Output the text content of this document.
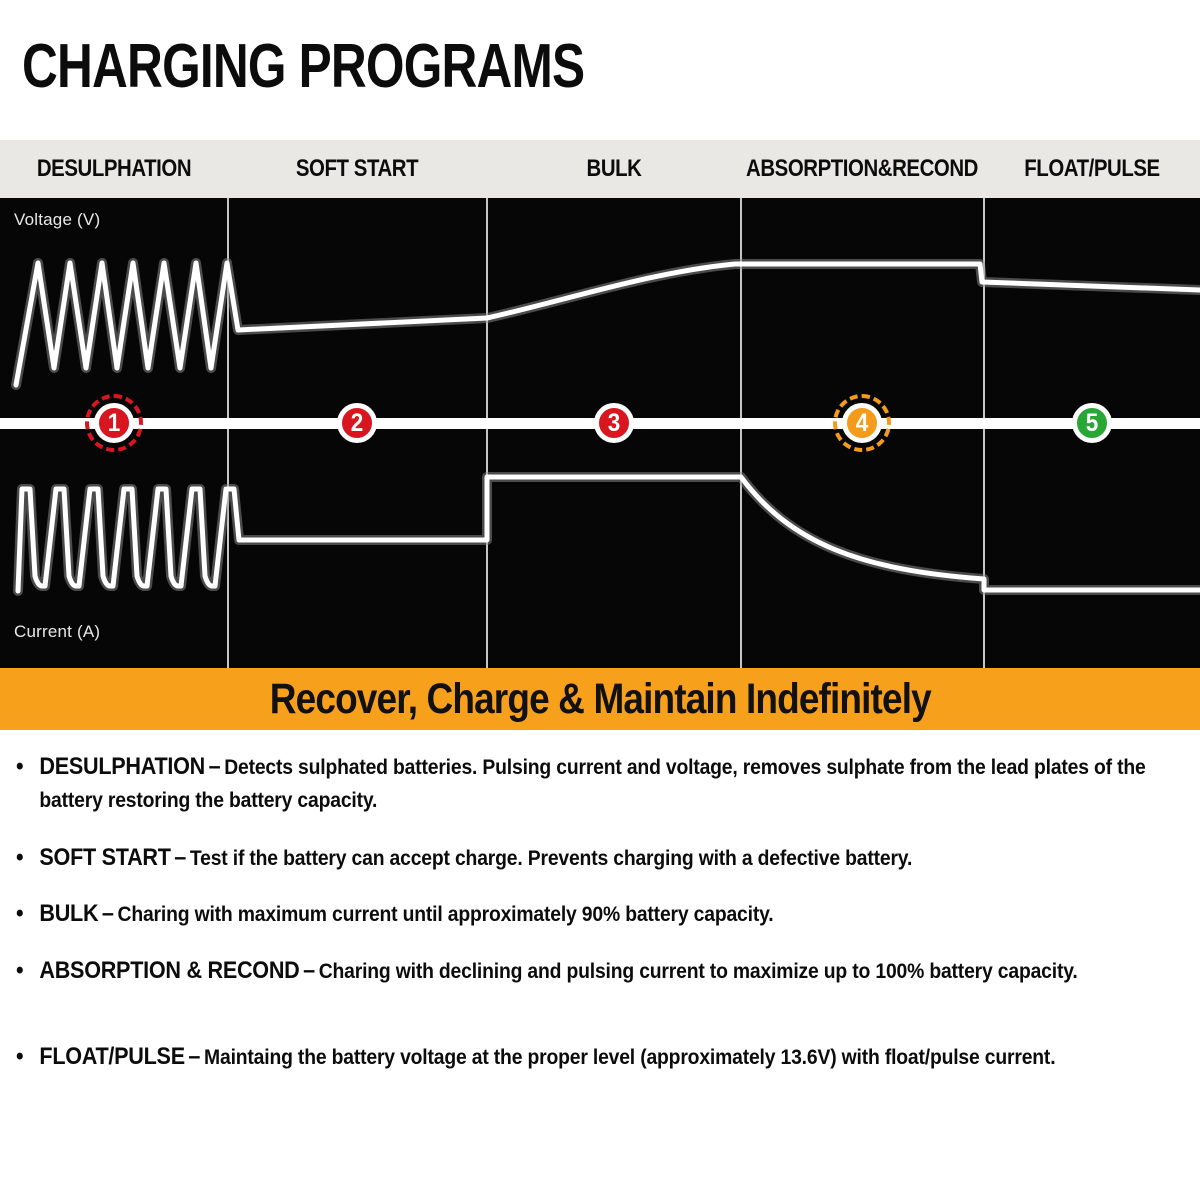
CHARGING PROGRAMS
DESULPHATION	SOFT START	BULK	ABSORPTION&RECOND FLOAT/PULSE
Voltage (V)
Current (A)
1	2	3	4	5
Recover, Charge & Maintain Indefinitely
• DESULPHATION – Detects sulphated batteries. Pulsing current and voltage, removes sulphate from the lead plates of the battery restoring the battery capacity.
• SOFT START – Test if the battery can accept charge. Prevents charging with a defective battery.
• BULK – Charing with maximum current until approximately 90% battery capacity.
• ABSORPTION & RECOND – Charing with declining and pulsing current to maximize up to 100% battery capacity.
• FLOAT/PULSE – Maintaing the battery voltage at the proper level (approximately 13.6V) with float/pulse current.
